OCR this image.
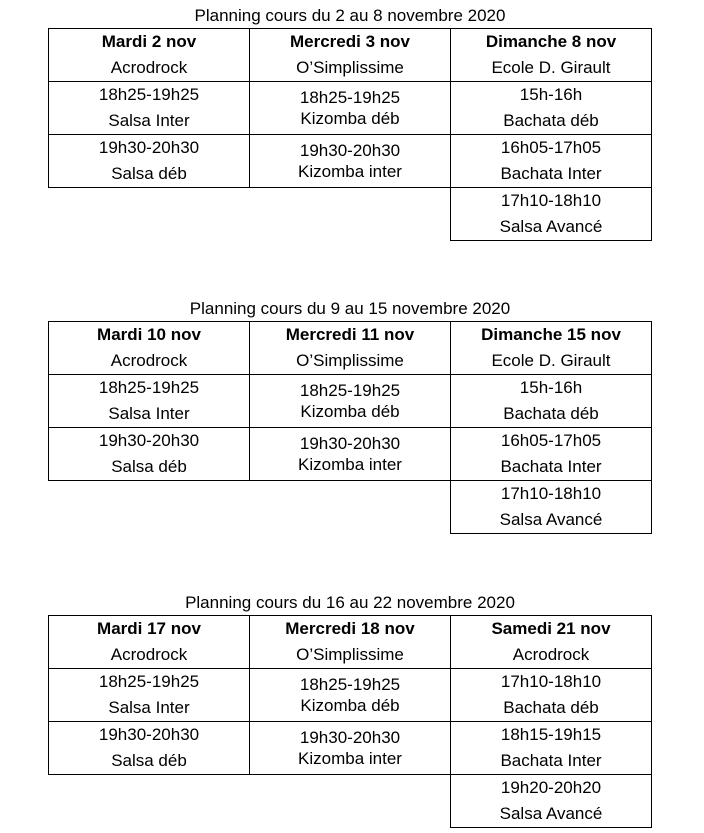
Planning cours du 2 au 8 novembre 2020
Mardi 2 nov
Acrodrock
Mercredi 3 nov
O’Simplissime
Dimanche 8 nov
Ecole D. Girault
18h25-19h25
Salsa Inter
18h25-19h25
Kizomba déb
15h-16h
Bachata déb
19h30-20h30
Salsa déb
19h30-20h30
Kizomba inter
16h05-17h05
Bachata Inter
17h10-18h10
Salsa Avancé
Planning cours du 9 au 15 novembre 2020
Mardi 10 nov
Acrodrock
Mercredi 11 nov
O’Simplissime
Dimanche 15 nov
Ecole D. Girault
18h25-19h25
Salsa Inter
18h25-19h25
Kizomba déb
15h-16h
Bachata déb
19h30-20h30
Salsa déb
19h30-20h30
Kizomba inter
16h05-17h05
Bachata Inter
17h10-18h10
Salsa Avancé
Planning cours du 16 au 22 novembre 2020
Mardi 17 nov
Acrodrock
Mercredi 18 nov
O’Simplissime
Samedi 21 nov
Acrodrock
18h25-19h25
Salsa Inter
18h25-19h25
Kizomba déb
17h10-18h10
Bachata déb
19h30-20h30
Salsa déb
19h30-20h30
Kizomba inter
18h15-19h15
Bachata Inter
19h20-20h20
Salsa Avancé
